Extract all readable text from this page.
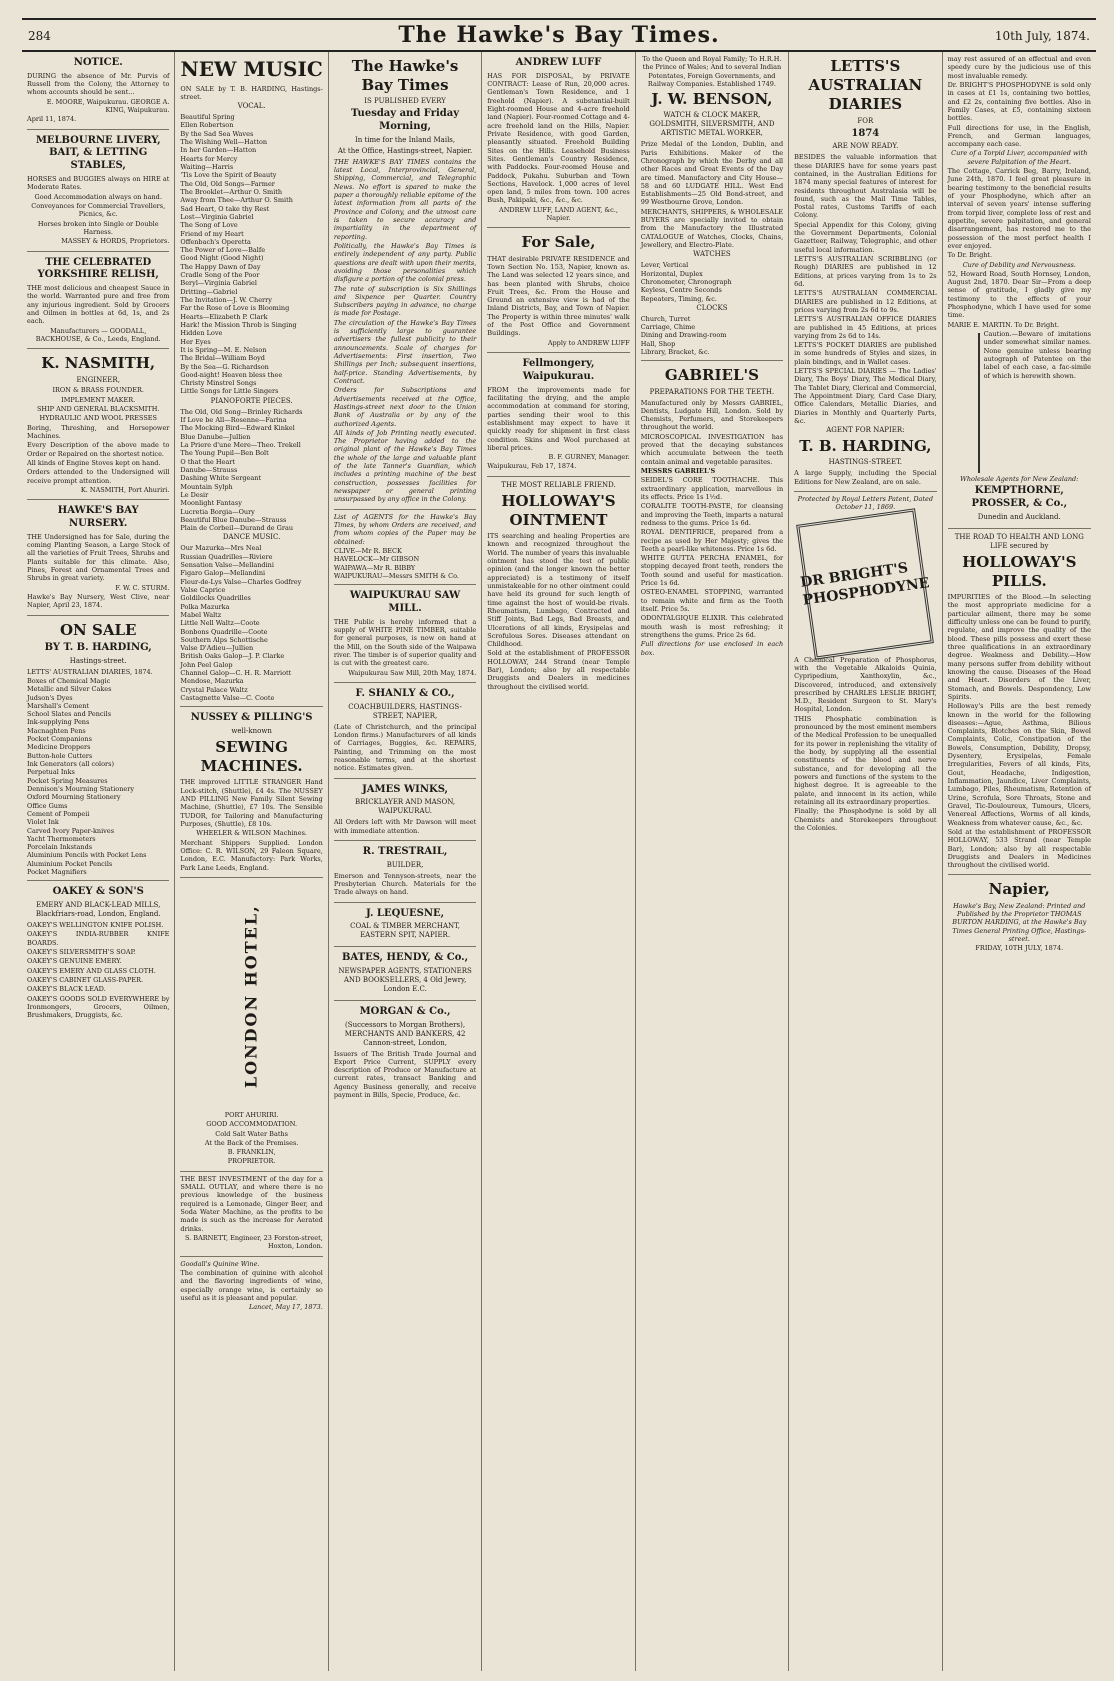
284	The Hawke's Bay Times.	10th July, 1874.
NOTICE.
DURING the absence of Mr. Purvis of Russell from the Colony, the Attorney to whom accounts should be sent...
E. MOORE, Waipukurau. GEORGE A. KING, Waipukurau.
April 11, 1874.
MELBOURNE LIVERY, BAIT, & LETTING STABLES,
HORSES and BUGGIES always on HIRE at Moderate Rates.
Good Accommodation always on hand.
Conveyances for Commercial Travellers, Picnics, &c.
Horses broken into Single or Double Harness.
MASSEY & HORDS, Proprietors.
THE CELEBRATED YORKSHIRE RELISH,
THE most delicious and cheapest Sauce in the world. Warranted pure and free from any injurious ingredient. Sold by Grocers and Oilmen in bottles at 6d, 1s, and 2s each.
Manufacturers — GOODALL, BACKHOUSE, & Co., Leeds, England.
K. NASMITH,
ENGINEER,
IRON & BRASS FOUNDER.
IMPLEMENT MAKER.
SHIP AND GENERAL BLACKSMITH.
HYDRAULIC AND WOOL PRESSES
Boring, Threshing, and Horsepower Machines.
Every Description of the above made to Order or Repaired on the shortest notice.
All kinds of Engine Stoves kept on hand.
Orders attended to the Undersigned will receive prompt attention.
K. NASMITH, Port Ahuriri.
HAWKE'S BAY NURSERY.
THE Undersigned has for Sale, during the coming Planting Season, a Large Stock of all the varieties of Fruit Trees, Shrubs and Plants suitable for this climate. Also, Pines, Forest and Ornamental Trees and Shrubs in great variety.
F. W. C. STURM.
Hawke's Bay Nursery, West Clive, near Napier, April 23, 1874.
ON SALE
BY T. B. HARDING,
Hastings-street.
LETTS' AUSTRALIAN DIARIES, 1874.
Boxes of Chemical Magic
Metallic and Silver Cakes
Judson's Dyes
Marshall's Cement
School Slates and Pencils
Ink-supplying Pens
Macnaghten Pens
Pocket Companions
Medicine Droppers
Button-hole Cutters
Ink Generators (all colors)
Perpetual Inks
Pocket Spring Measures
Dennison's Mourning Stationery
Oxford Mourning Stationery
Office Gums
Cement of Pompeii
Violet Ink
Carved Ivory Paper-knives
Yacht Thermometers
Porcelain Inkstands
Aluminium Pencils with Pocket Lens
Aluminium Pocket Pencils
Pocket Magnifiers
OAKEY & SON'S
EMERY AND BLACK-LEAD MILLS, Blackfriars-road, London, England.
OAKEY'S WELLINGTON KNIFE POLISH.
OAKEY'S INDIA-RUBBER KNIFE BOARDS.
OAKEY'S SILVERSMITH'S SOAP.
OAKEY'S GENUINE EMERY.
OAKEY'S EMERY AND GLASS CLOTH.
OAKEY'S CABINET GLASS-PAPER.
OAKEY'S BLACK LEAD.
OAKEY'S GOODS SOLD EVERYWHERE by Ironmongers, Grocers, Oilmen, Brushmakers, Druggists, &c.
NEW MUSIC
ON SALE by T. B. HARDING, Hastings-street.
VOCAL.
Beautiful Spring
Ellen Robertson
By the Sad Sea Waves
The Wishing Well—Hatton
In her Garden—Hatton
Hearts for Mercy
Waiting—Harris
'Tis Love the Spirit of Beauty
The Old, Old Songs—Farmer
The Brooklet—Arthur O. Smith
Away from Thee—Arthur O. Smith
Sad Heart, O take thy Rest
Lost—Virginia Gabriel
The Song of Love
Friend of my Heart
Offenbach's Operetta
The Power of Love—Balfe
Good Night (Good Night)
The Happy Dawn of Day
Cradle Song of the Poor
Beryl—Virginia Gabriel
Dritting—Gabriel
The Invitation—J. W. Cherry
Far the Rose of Love is Blooming
Hearts—Elizabeth P. Clark
Hark! the Mission Throb is Singing
Hidden Love
Her Eyes
It is Spring—M. E. Nelson
The Bridal—William Boyd
By the Sea—G. Richardson
Good-night! Heaven bless thee
Christy Minstrel Songs
Little Songs for Little Singers
PIANOFORTE PIECES.
The Old, Old Song—Brinley Richards
If Love be All—Rosenne—Farina
The Mocking Bird—Edward Kinkel
Blue Danube—Jullien
La Priere d'une Mere—Theo. Trekell
The Young Pupil—Ben Bolt
O that the Heart
Danube—Strauss
Dashing White Sergeant
Mountain Sylph
Le Desir
Moonlight Fantasy
Lucretia Borgia—Oury
Beautiful Blue Danube—Strauss
Plain de Corbeil—Durand de Grau
DANCE MUSIC.
Our Mazurka—Mrs Neal
Russian Quadrilles—Riviere
Sensation Valse—Mellandini
Figaro Galop—Mellandini
Fleur-de-Lys Valse—Charles Godfrey
Valse Caprice
Goldilocks Quadrilles
Polka Mazurka
Mabel Waltz
Little Nell Waltz—Coote
Bonbons Quadrille—Coote
Southern Alps Schottische
Valse D'Adieu—Jullien
British Oaks Galop—J. P. Clarke
John Peel Galop
Channel Galop—C. H. R. Marriott
Mendose, Mazurka
Crystal Palace Waltz
Castagnette Valse—C. Coote
NUSSEY & PILLING'S
well-known
SEWING MACHINES.
THE improved LITTLE STRANGER Hand Lock-stitch, (Shuttle), £4 4s. The NUSSEY AND PILLING New Family Silent Sewing Machine, (Shuttle), £7 10s. The Sensible TUDOR, for Tailoring and Manufacturing Purposes, (Shuttle), £8 10s.
WHEELER & WILSON Machines.
Merchant Shippers Supplied. London Office: C. R. WILSON, 29 Faleon Square, London, E.C. Manufactory: Park Works, Park Lane Leeds, England.
LONDON HOTEL,
PORT AHURIRI.
GOOD ACCOMMODATION.
Cold Salt Water Baths
At the Back of the Premises.
B. FRANKLIN,
PROPRIETOR.
THE BEST INVESTMENT of the day for a SMALL OUTLAY, and where there is no previous knowledge of the business required is a Lemonade, Ginger Beer, and Soda Water Machine, as the profits to be made is such as the increase for Aerated drinks.
S. BARNETT, Engineer, 23 Forston-street, Hoxton, London.
Goodall's Quinine Wine.
The combination of quinine with alcohol and the flavoring ingredients of wine, especially orange wine, is certainly so useful as it is pleasant and popular.
Lancet, May 17, 1873.
The Hawke's Bay Times
IS PUBLISHED EVERY
Tuesday and Friday Morning,
In time for the Inland Mails,
At the Office, Hastings-street, Napier.
THE HAWKE'S BAY TIMES contains the latest Local, Interprovincial, General, Shipping, Commercial, and Telegraphic News. No effort is spared to make the paper a thoroughly reliable epitome of the latest information from all parts of the Province and Colony, and the utmost care is taken to secure accuracy and impartiality in the department of reporting.
Politically, the Hawke's Bay Times is entirely independent of any party. Public questions are dealt with upon their merits, avoiding those personalities which disfigure a portion of the colonial press.
The rate of subscription is Six Shillings and Sixpence per Quarter. Country Subscribers paying in advance, no charge is made for Postage.
The circulation of the Hawke's Bay Times is sufficiently large to guarantee advertisers the fullest publicity to their announcements. Scale of charges for Advertisements: First insertion, Two Shillings per Inch; subsequent insertions, half-price. Standing Advertisements, by Contract.
Orders for Subscriptions and Advertisements received at the Office, Hastings-street next door to the Union Bank of Australia or by any of the authorized Agents.
All kinds of Job Printing neatly executed. The Proprietor having added to the original plant of the Hawke's Bay Times the whole of the large and valuable plant of the late Tanner's Guardian, which includes a printing machine of the best construction, possesses facilities for newspaper or general printing unsurpassed by any office in the Colony.
List of AGENTS for the Hawke's Bay Times, by whom Orders are received, and from whom copies of the Paper may be obtained:
CLIVE—Mr R. BECK
HAVELOCK—Mr GIBSON
WAIPAWA—Mr R. BIBBY
WAIPUKURAU—Messrs SMITH & Co.
WAIPUKURAU SAW MILL.
THE Public is hereby informed that a supply of WHITE PINE TIMBER, suitable for general purposes, is now on hand at the Mill, on the South side of the Waipawa river. The timber is of superior quality and is cut with the greatest care.
Waipukurau Saw Mill, 20th May, 1874.
F. SHANLY & CO.,
COACHBUILDERS, HASTINGS-STREET, NAPIER,
(Late of Christchurch, and the principal London firms.) Manufacturers of all kinds of Carriages, Buggies, &c. REPAIRS, Painting, and Trimming on the most reasonable terms, and at the shortest notice. Estimates given.
JAMES WINKS,
BRICKLAYER AND MASON, WAIPUKURAU.
All Orders left with Mr Dawson will meet with immediate attention.
R. TRESTRAIL,
BUILDER,
Emerson and Tennyson-streets, near the Presbyterian Church. Materials for the Trade always on hand.
J. LEQUESNE,
COAL & TIMBER MERCHANT, EASTERN SPIT, NAPIER.
BATES, HENDY, & Co.,
NEWSPAPER AGENTS, STATIONERS AND BOOKSELLERS, 4 Old Jewry, London E.C.
MORGAN & Co.,
(Successors to Morgan Brothers), MERCHANTS AND BANKERS, 42 Cannon-street, London,
Issuers of The British Trade Journal and Export Price Current, SUPPLY every description of Produce or Manufacture at current rates, transact Banking and Agency Business generally, and receive payment in Bills, Specie, Produce, &c.
ANDREW LUFF
HAS FOR DISPOSAL, by PRIVATE CONTRACT: Lease of Run, 20,000 acres. Gentleman's Town Residence, and 1 freehold (Napier). A substantial-built Eight-roomed House and 4-acre freehold land (Napier). Four-roomed Cottage and 4-acre freehold land on the Hills, Napier. Private Residence, with good Garden, pleasantly situated. Freehold Building Sites on the Hills. Leasehold Business Sites. Gentleman's Country Residence, with Paddocks. Four-roomed House and Paddock, Pukahu. Suburban and Town Sections, Havelock. 1,000 acres of level open land, 5 miles from town. 100 acres Bush, Pakipaki, &c., &c., &c.
ANDREW LUFF, LAND AGENT, &c., Napier.
For Sale,
THAT desirable PRIVATE RESIDENCE and Town Section No. 153, Napier, known as. The Land was selected 12 years since, and has been planted with Shrubs, choice Fruit Trees, &c. From the House and Ground an extensive view is had of the Inland Districts, Bay, and Town of Napier. The Property is within three minutes' walk of the Post Office and Government Buildings.
Apply to ANDREW LUFF
Fellmongery, Waipukurau.
FROM the improvements made for facilitating the drying, and the ample accommodation at command for storing, parties sending their wool to this establishment may expect to have it quickly ready for shipment in first class condition. Skins and Wool purchased at liberal prices.
B. F. GURNEY, Manager.
Waipukurau, Feb 17, 1874.
THE MOST RELIABLE FRIEND.
HOLLOWAY'S OINTMENT
ITS searching and healing Properties are known and recognized throughout the World. The number of years this invaluable ointment has stood the test of public opinion (and the longer known the better appreciated) is a testimony of itself unmistakeable for no other ointment could have held its ground for such length of time against the host of would-be rivals. Rheumatism, Lumbago, Contracted and Stiff Joints, Bad Legs, Bad Breasts, and Ulcerations of all kinds, Erysipelas and Scrofulous Sores. Diseases attendant on Childhood.
Sold at the establishment of PROFESSOR HOLLOWAY, 244 Strand (near Temple Bar), London; also by all respectable Druggists and Dealers in medicines throughout the civilised world.
To the Queen and Royal Family; To H.R.H. the Prince of Wales; And to several Indian Potentates, Foreign Governments, and Railway Companies. Established 1749.
J. W. BENSON,
WATCH & CLOCK MAKER, GOLDSMITH, SILVERSMITH, AND ARTISTIC METAL WORKER,
Prize Medal of the London, Dublin, and Paris Exhibitions. Maker of the Chronograph by which the Derby and all other Races and Great Events of the Day are timed. Manufactory and City House—58 and 60 LUDGATE HILL. West End Establishments—25 Old Bond-street, and 99 Westbourne Grove, London.
MERCHANTS, SHIPPERS, & WHOLESALE BUYERS are specially invited to obtain from the Manufactory the Illustrated CATALOGUE of Watches, Clocks, Chains, Jewellery, and Electro-Plate.
WATCHES
Lever, Vertical
Horizontal, Duplex
Chronometer, Chronograph
Keyless, Centre Seconds
Repeaters, Timing, &c.
CLOCKS
Church, Turret
Carriage, Chime
Dining and Drawing-room
Hall, Shop
Library, Bracket, &c.
GABRIEL'S
PREPARATIONS FOR THE TEETH.
Manufactured only by Messrs GABRIEL, Dentists, Ludgate Hill, London. Sold by Chemists, Perfumers, and Storekeepers throughout the world.
MICROSCOPICAL INVESTIGATION has proved that the decaying substances which accumulate between the teeth contain animal and vegetable parasites.
MESSRS GABRIEL'S
SEIDEL'S CORE TOOTHACHE. This extraordinary application, marvellous in its effects. Price 1s 1½d.
CORALITE TOOTH-PASTE, for cleansing and improving the Teeth, imparts a natural redness to the gums. Price 1s 6d.
ROYAL DENTIFRICE, prepared from a recipe as used by Her Majesty; gives the Teeth a pearl-like whiteness. Price 1s 6d.
WHITE GUTTA PERCHA ENAMEL, for stopping decayed front teeth, renders the Tooth sound and useful for mastication. Price 1s 6d.
OSTEO-ENAMEL STOPPING, warranted to remain white and firm as the Tooth itself. Price 5s.
ODONTALGIQUE ELIXIR. This celebrated mouth wash is most refreshing; it strengthens the gums. Price 2s 6d.
Full directions for use enclosed in each box.
LETTS'S AUSTRALIAN DIARIES
FOR
1874
ARE NOW READY.
BESIDES the valuable information that these DIARIES have for some years past contained, in the Australian Editions for 1874 many special features of interest for residents throughout Australasia will be found, such as the Mail Time Tables, Postal rates, Customs Tariffs of each Colony.
Special Appendix for this Colony, giving the Government Departments, Colonial Gazetteer, Railway, Telegraphic, and other useful local information.
LETTS'S AUSTRALIAN SCRIBBLING (or Rough) DIARIES are published in 12 Editions, at prices varying from 1s to 2s 6d.
LETTS'S AUSTRALIAN COMMERCIAL DIARIES are published in 12 Editions, at prices varying from 2s 6d to 9s.
LETTS'S AUSTRALIAN OFFICE DIARIES are published in 45 Editions, at prices varying from 2s 6d to 14s.
LETTS'S POCKET DIARIES are published in some hundreds of Styles and sizes, in plain bindings, and in Wallet cases.
LETTS'S SPECIAL DIARIES — The Ladies' Diary, The Boys' Diary, The Medical Diary, The Tablet Diary, Clerical and Commercial, The Appointment Diary, Card Case Diary, Office Calendars, Metallic Diaries, and Diaries in Monthly and Quarterly Parts, &c.
AGENT FOR NAPIER:
T. B. HARDING,
HASTINGS-STREET.
A large Supply, including the Special Editions for New Zealand, are on sale.
Protected by Royal Letters Patent, Dated October 11, 1869.
DR BRIGHT'S PHOSPHODYNE
A Chemical Preparation of Phosphorus, with the Vegetable Alkaloids Quinia, Cypripedium, Xanthoxylin, &c., Discovered, introduced, and extensively prescribed by CHARLES LESLIE BRIGHT, M.D., Resident Surgeon to St. Mary's Hospital, London.
THIS Phosphatic combination is pronounced by the most eminent members of the Medical Profession to be unequalled for its power in replenishing the vitality of the body, by supplying all the essential constituents of the blood and nerve substance, and for developing all the powers and functions of the system to the highest degree. It is agreeable to the palate, and innocent in its action, while retaining all its extraordinary properties.
Finally; the Phosphodyne is sold by all Chemists and Storekeepers throughout the Colonies.
may rest assured of an effectual and even speedy cure by the judicious use of this most invaluable remedy.
Dr. BRIGHT'S PHOSPHODYNE is sold only in cases at £1 1s, containing two bottles, and £2 2s, containing five bottles. Also in Family Cases, at £5, containing sixteen bottles.
Full directions for use, in the English, French, and German languages, accompany each case.
Cure of a Torpid Liver, accompanied with severe Palpitation of the Heart.
The Cottage, Carrick Beg, Barry, Ireland, June 24th, 1870. I feel great pleasure in bearing testimony to the beneficial results of your Phosphodyne, which after an interval of seven years' intense suffering from torpid liver, complete loss of rest and appetite, severe palpitation, and general disarrangement, has restored me to the possession of the most perfect health I ever enjoyed.
To Dr. Bright.
Cure of Debility and Nervousness.
52, Howard Road, South Hornsey, London, August 2nd, 1870. Dear Sir—From a deep sense of gratitude, I gladly give my testimony to the effects of your Phosphodyne, which I have used for some time.
MARIE E. MARTIN. To Dr. Bright.
Caution.—Beware of imitations under somewhat similar names. None genuine unless bearing autograph of Patentee on the label of each case, a fac-simile of which is herewith shown.
Wholesale Agents for New Zealand:
KEMPTHORNE, PROSSER, & Co.,
Dunedin and Auckland.
THE ROAD TO HEALTH AND LONG LIFE secured by
HOLLOWAY'S PILLS.
IMPURITIES of the Blood.—In selecting the most appropriate medicine for a particular ailment, there may be some difficulty unless one can be found to purify, regulate, and improve the quality of the blood. These pills possess and exert these three qualifications in an extraordinary degree. Weakness and Debility.—How many persons suffer from debility without knowing the cause. Diseases of the Head and Heart. Disorders of the Liver, Stomach, and Bowels. Despondency, Low Spirits.
Holloway's Pills are the best remedy known in the world for the following diseases:—Ague, Asthma, Bilious Complaints, Blotches on the Skin, Bowel Complaints, Colic, Constipation of the Bowels, Consumption, Debility, Dropsy, Dysentery, Erysipelas, Female Irregularities, Fevers of all kinds, Fits, Gout, Headache, Indigestion, Inflammation, Jaundice, Liver Complaints, Lumbago, Piles, Rheumatism, Retention of Urine, Scrofula, Sore Throats, Stone and Gravel, Tic-Douloureux, Tumours, Ulcers, Venereal Affections, Worms of all kinds, Weakness from whatever cause, &c., &c.
Sold at the establishment of PROFESSOR HOLLOWAY, 533 Strand (near Temple Bar), London; also by all respectable Druggists and Dealers in Medicines throughout the civilised world.
Napier,
Hawke's Bay, New Zealand: Printed and Published by the Proprietor THOMAS BURTON HARDING, at the Hawke's Bay Times General Printing Office, Hastings-street.
FRIDAY, 10TH JULY, 1874.
